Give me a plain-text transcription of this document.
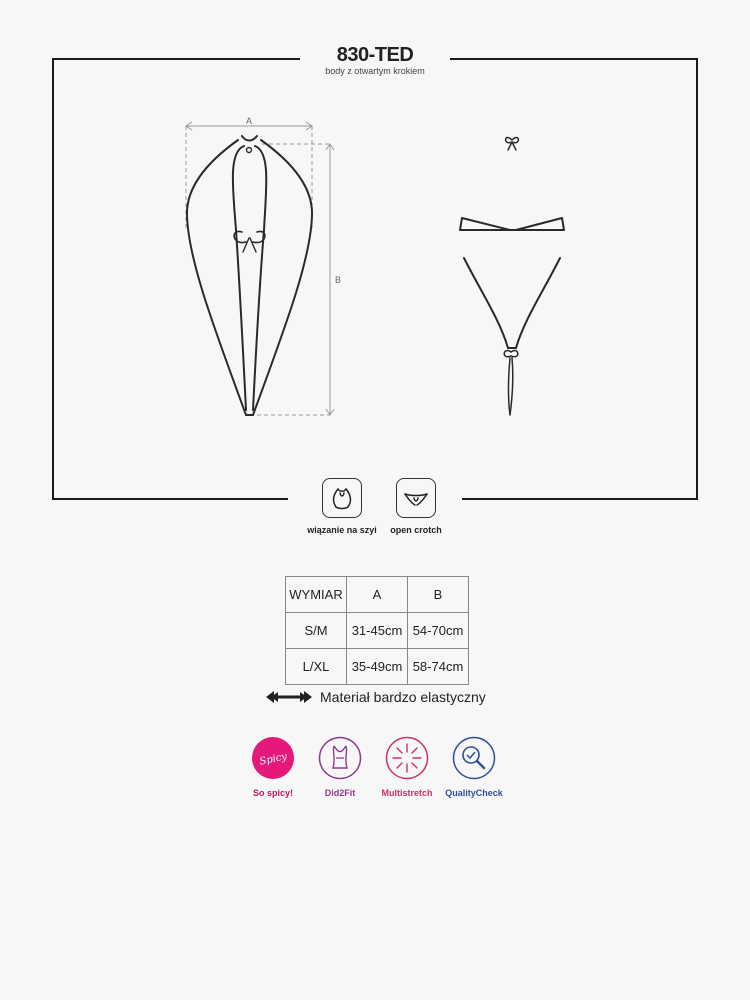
830-TED
body z otwartym krokiem
A
B
wiązanie na szyi	open crotch
WYMIAR	A	B
S/M	31-45cm	54-70cm
L/XL	35-49cm	58-74cm
Materiał bardzo elastyczny
Spicy
So spicy!	Did2Fit	Multistretch	QualityCheck
